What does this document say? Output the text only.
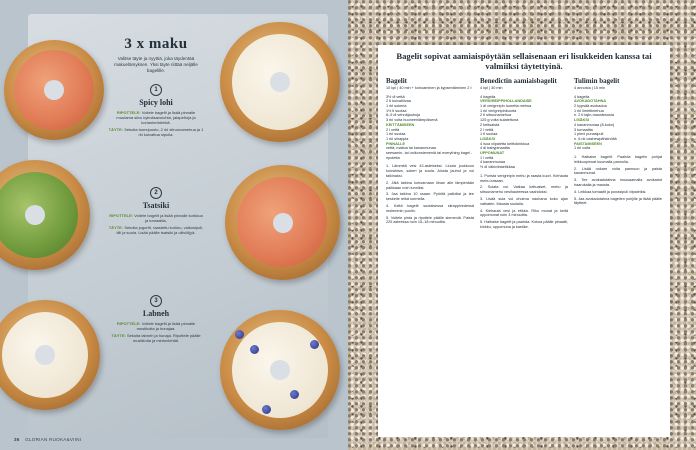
3 x maku

Valitse täyte ja nyyttiä, joka täydentää makuelämyksen. Yksi täyte riittää neljälle bagelille.

1
Spicy lohi

RIPOTTELE: Voitele bagelit ja lisää pinnalle muutama siivu kylmäsavulohta, jalapeñoja ja korianterinlehtiä.

TÄYTE: Sekoita tuorejuusto, 2 rkl sitruunamehua ja 1 rkl kuivattua sipulia.

2
Tsatsiki

RIPOTTELE: Voitele bagelit ja lisää pinnalle kurkkua ja tomaattia.

TÄYTE: Sekoita jogurtti, raastettu kurkku, valkosipuli, tilli ja suola. Lisää päälle tsatsiki ja oliiviöljyä.

3
Labneh

RIPOTTELE: Voitele bagelit ja lisää pinnalle mustikoita ja hunajaa.

TÄYTE: Sekoita labneh ja hunaja. Ripottele päälle mustikoita ja mintunlehtiä.

36 GLORIAN RUOKA&VIINI
Bagelit sopivat aamiaispöytään sellaisenaan eri lisukkeiden kanssa tai valmiiksi täytettyinä.
Bagelit

10 kpl | 40 min + kohoaminen ja kypsentäminen 2 t

3½ dl vettä
2 tl kuivahiivaa
1 rkl sokeria
1½ tl suolaa
8–9 dl vehnäjauhoja
3 rkl voita huoneenlämpöisenä
KEITTÄMISEEN
2 l vettä
1 rkl suolaa
1 rkl siirappia
PINNALLE
vettä, maitoa tai kananmunaa
seesamin- tai unikonsiemeniä tai everything bagel -ripotetta
1. Lämmitä vesi 42-asteiseksi. Liuota joukkoon kuivahiiva, sokeri ja suola. Alusta jauhot ja voi taikinaksi.
2. Jätä taikina kohoamaan liinan alle lämpimään paikkaan noin tunniksi.
3. Jaa taikina 10 osaan. Pyöritä palloiksi ja tee keskelle reikä sormella.
4. Keitä bagelit suolaisessa siirappivedessä molemmin puolin.
5. Voitele pinta ja ripottele päälle siemeniä. Paista 225 asteessa noin 15–18 minuuttia.
Benedictin aamiaisbagelit

4 kpl | 30 min

4 bagelia
VERIGREIPPIHOLLANDAISE
1 dl verigreipin tuoretta mehua
1 rkl verigreipinkuorta
2 tl sitruunamehua
125 g voita sulatettuna
2 keltuaista
2 l vettä
1 tl suolaa
LISÄKSI
4 isoa viipaletta keittokinkkua
4 dl babypinaattia
UPPOMUNAT
1 l vettä
4 kananmunaa
½ dl väkiviinaetikkaa
1. Purista verigreipin mehu ja raasta kuori. Kiehauta mehu kasaan.
2. Sulata voi. Vatkaa keltuaiset, mehu ja sitruunamehu vesihauteessa vaahdoksi.
3. Lisää sula voi ohuena nauhana koko ajan vatkaten. Mausta suolalla.
4. Kiehauta vesi ja etikka. Riko munat ja keitä uppomunat noin 3 minuuttia.
5. Halkaise bagelit ja paahda. Kokoa päälle pinaatti, kinkku, uppomuna ja kastike.
Tulimin bagelit

4 annosta | 15 min

4 bagelia
AVOKADOTAHNA
2 kypsää avokadoa
1 rkl limettimehua
n. 2 tl tajin-maustesosia
LISÄKSI
4 kananmunaa (8-koko)
3 tomaattia
1 pieni punasipuli
n. 6 rkl cashewpähkinöitä
PAISTAMISEEN
1 rkl voita
1. Halkaise bagelit. Paahda bagelin pohjat leikkuupinnat kuumalla pannulla.
2. Lisää nokare voita pannuun ja paista kananmunat.
3. Tee avokadotahna muusaamalla avokadot haarukalla ja mausta.
4. Leikkaa tomaatit ja punasipuli viipaleiksi.
5. Jaa avokadotahna bagelien pohjille ja lisää päälle täytteet.
